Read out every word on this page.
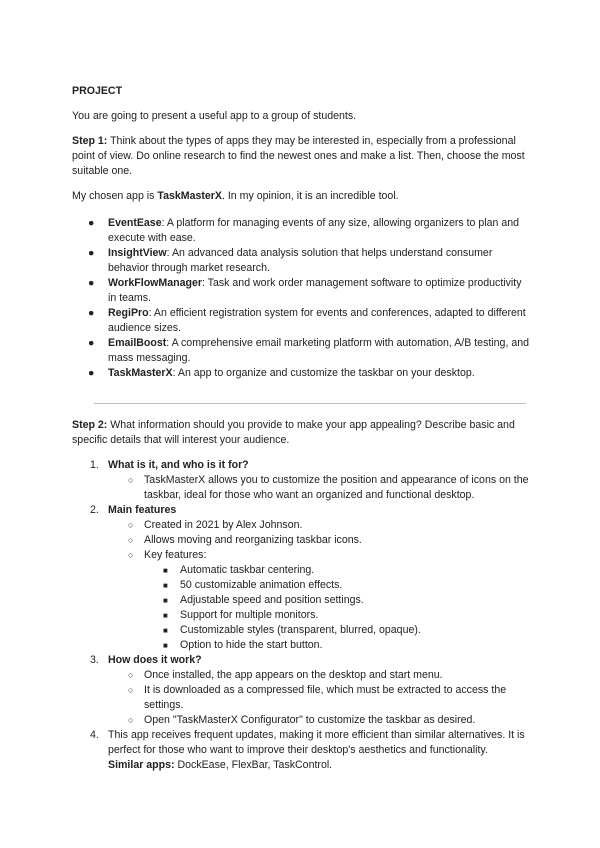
PROJECT

You are going to present a useful app to a group of students.

Step 1: Think about the types of apps they may be interested in, especially from a professional point of view. Do online research to find the newest ones and make a list. Then, choose the most suitable one.

My chosen app is TaskMasterX. In my opinion, it is an incredible tool.

● EventEase: A platform for managing events of any size, allowing organizers to plan and execute with ease.
● InsightView: An advanced data analysis solution that helps understand consumer behavior through market research.
● WorkFlowManager: Task and work order management software to optimize productivity in teams.
● RegiPro: An efficient registration system for events and conferences, adapted to different audience sizes.
● EmailBoost: A comprehensive email marketing platform with automation, A/B testing, and mass messaging.
● TaskMasterX: An app to organize and customize the taskbar on your desktop.

Step 2: What information should you provide to make your app appealing? Describe basic and specific details that will interest your audience.

1. What is it, and who is it for?
○ TaskMasterX allows you to customize the position and appearance of icons on the taskbar, ideal for those who want an organized and functional desktop.
2. Main features
○ Created in 2021 by Alex Johnson.
○ Allows moving and reorganizing taskbar icons.
○ Key features:
■ Automatic taskbar centering.
■ 50 customizable animation effects.
■ Adjustable speed and position settings.
■ Support for multiple monitors.
■ Customizable styles (transparent, blurred, opaque).
■ Option to hide the start button.
3. How does it work?
○ Once installed, the app appears on the desktop and start menu.
○ It is downloaded as a compressed file, which must be extracted to access the settings.
○ Open "TaskMasterX Configurator" to customize the taskbar as desired.
4. This app receives frequent updates, making it more efficient than similar alternatives. It is perfect for those who want to improve their desktop's aesthetics and functionality.
Similar apps: DockEase, FlexBar, TaskControl.
